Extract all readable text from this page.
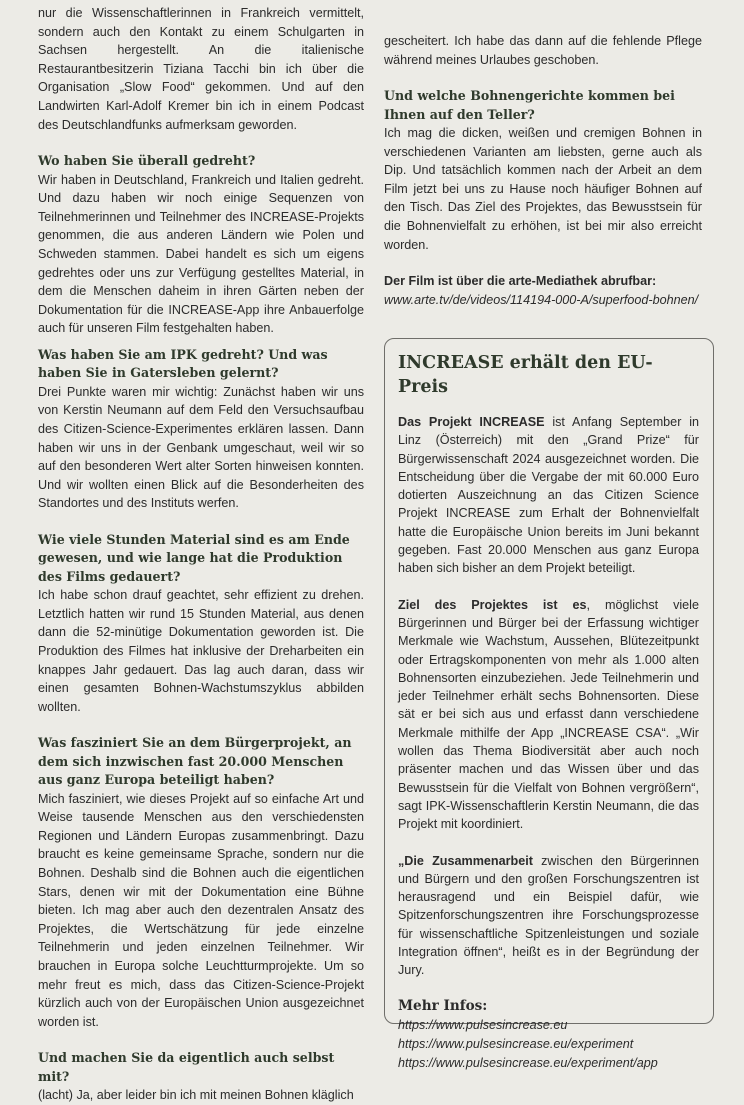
nur die Wissenschaftlerinnen in Frankreich vermittelt, sondern auch den Kontakt zu einem Schulgarten in Sachsen hergestellt. An die italienische Restaurantbesitzerin Tiziana Tacchi bin ich über die Organisation „Slow Food“ gekommen. Und auf den Landwirten Karl-Adolf Kremer bin ich in einem Podcast des Deutschlandfunks aufmerksam geworden.

Wo haben Sie überall gedreht?

Wir haben in Deutschland, Frankreich und Italien gedreht. Und dazu haben wir noch einige Sequenzen von Teilnehmerinnen und Teilnehmer des INCREASE-Projekts genommen, die aus anderen Ländern wie Polen und Schweden stammen. Dabei handelt es sich um eigens gedrehtes oder uns zur Verfügung gestelltes Material, in dem die Menschen daheim in ihren Gärten neben der Dokumentation für die INCREASE-App ihre Anbauerfolge auch für unseren Film festgehalten haben.

gescheitert. Ich habe das dann auf die fehlende Pflege während meines Urlaubes geschoben.

Und welche Bohnengerichte kommen bei Ihnen auf den Teller?

Ich mag die dicken, weißen und cremigen Bohnen in verschiedenen Varianten am liebsten, gerne auch als Dip. Und tatsächlich kommen nach der Arbeit an dem Film jetzt bei uns zu Hause noch häufiger Bohnen auf den Tisch. Das Ziel des Projektes, das Bewusstsein für die Bohnenvielfalt zu erhöhen, ist bei mir also erreicht worden.

Der Film ist über die arte-Mediathek abrufbar:

www.arte.tv/de/videos/114194-000-A/superfood-bohnen/

Was haben Sie am IPK gedreht? Und was haben Sie in Gatersleben gelernt?

Drei Punkte waren mir wichtig: Zunächst haben wir uns von Kerstin Neumann auf dem Feld den Versuchsaufbau des Citizen-Science-Experimentes erklären lassen. Dann haben wir uns in der Genbank umgeschaut, weil wir so auf den besonderen Wert alter Sorten hinweisen konnten. Und wir wollten einen Blick auf die Besonderheiten des Standortes und des Instituts werfen.

Wie viele Stunden Material sind es am Ende gewesen, und wie lange hat die Produktion des Films gedauert?

Ich habe schon drauf geachtet, sehr effizient zu drehen. Letztlich hatten wir rund 15 Stunden Material, aus denen dann die 52-minütige Dokumentation geworden ist. Die Produktion des Filmes hat inklusive der Dreharbeiten ein knappes Jahr gedauert. Das lag auch daran, dass wir einen gesamten Bohnen-Wachstumszyklus abbilden wollten.

Was fasziniert Sie an dem Bürgerprojekt, an dem sich inzwischen fast 20.000 Menschen aus ganz Europa beteiligt haben?

Mich fasziniert, wie dieses Projekt auf so einfache Art und Weise tausende Menschen aus den verschiedensten Regionen und Ländern Europas zusammenbringt. Dazu braucht es keine gemeinsame Sprache, sondern nur die Bohnen. Deshalb sind die Bohnen auch die eigentlichen Stars, denen wir mit der Dokumentation eine Bühne bieten. Ich mag aber auch den dezentralen Ansatz des Projektes, die Wertschätzung für jede einzelne Teilnehmerin und jeden einzelnen Teilnehmer. Wir brauchen in Europa solche Leuchtturmprojekte. Um so mehr freut es mich, dass das Citizen-Science-Projekt kürzlich auch von der Europäischen Union ausgezeichnet worden ist.

Und machen Sie da eigentlich auch selbst mit?

(lacht) Ja, aber leider bin ich mit meinen Bohnen kläglich

INCREASE erhält den EU-Preis

Das Projekt INCREASE ist Anfang September in Linz (Österreich) mit den „Grand Prize“ für Bürgerwissenschaft 2024 ausgezeichnet worden. Die Entscheidung über die Vergabe der mit 60.000 Euro dotierten Auszeichnung an das Citizen Science Projekt INCREASE zum Erhalt der Bohnenvielfalt hatte die Europäische Union bereits im Juni bekannt gegeben. Fast 20.000 Menschen aus ganz Europa haben sich bisher an dem Projekt beteiligt.

Ziel des Projektes ist es, möglichst viele Bürgerinnen und Bürger bei der Erfassung wichtiger Merkmale wie Wachstum, Aussehen, Blütezeitpunkt oder Ertragskomponenten von mehr als 1.000 alten Bohnensorten einzubeziehen. Jede Teilnehmerin und jeder Teilnehmer erhält sechs Bohnensorten. Diese sät er bei sich aus und erfasst dann verschiedene Merkmale mithilfe der App „INCREASE CSA“. „Wir wollen das Thema Biodiversität aber auch noch präsenter machen und das Wissen über und das Bewusstsein für die Vielfalt von Bohnen vergrößern“, sagt IPK-Wissenschaftlerin Kerstin Neumann, die das Projekt mit koordiniert.

„Die Zusammenarbeit zwischen den Bürgerinnen und Bürgern und den großen Forschungszentren ist herausragend und ein Beispiel dafür, wie Spitzenforschungszentren ihre Forschungsprozesse für wissenschaftliche Spitzenleistungen und soziale Integration öffnen“, heißt es in der Begründung der Jury.

Mehr Infos:
https://www.pulsesincrease.eu
https://www.pulsesincrease.eu/experiment
https://www.pulsesincrease.eu/experiment/app
